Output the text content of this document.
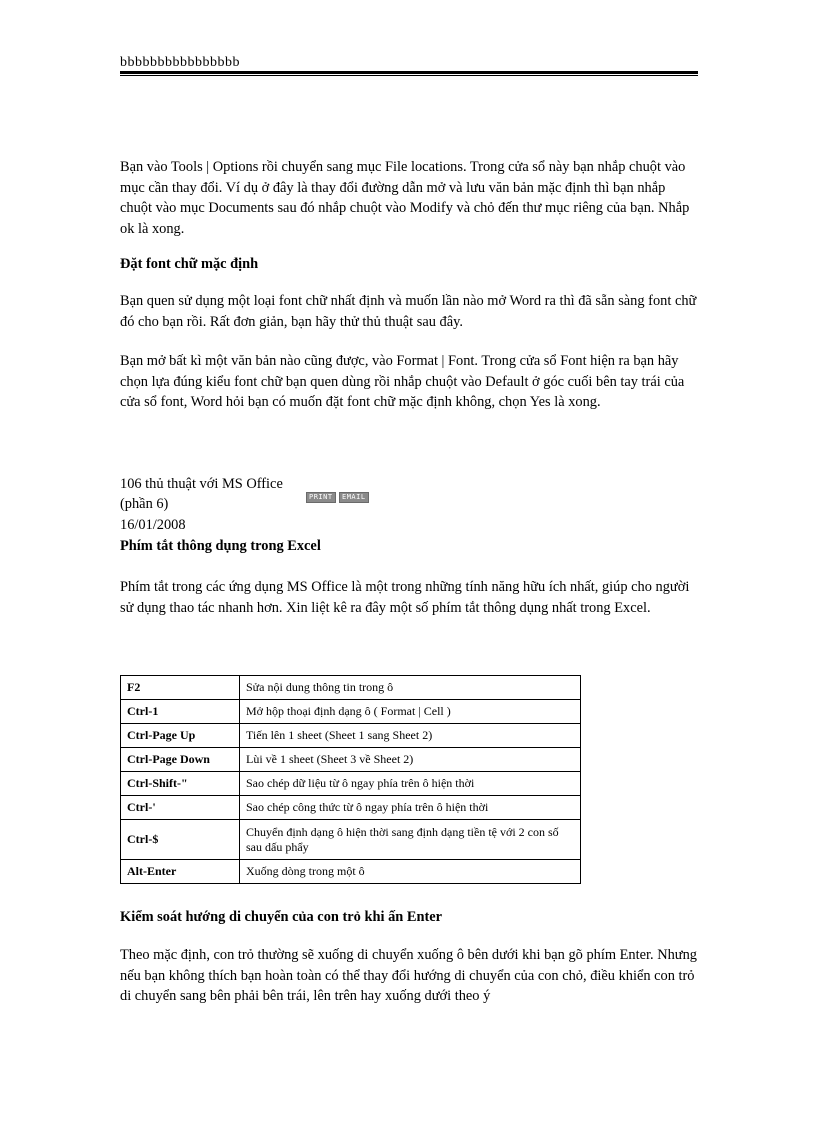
bbbbbbbbbbbbbbbb
Bạn vào Tools | Options rồi chuyển sang mục File locations. Trong cửa sổ này bạn nhắp chuột vào mục cần thay đổi. Ví dụ ở đây là thay đổi đường dẫn mở và lưu văn bản mặc định thì bạn nhắp chuột vào mục Documents sau đó nhắp chuột vào Modify và chỏ đến thư mục riêng của bạn. Nhắp ok là xong.
Đặt font chữ mặc định
Bạn quen sử dụng một loại font chữ nhất định và muốn lần nào mở Word ra thì đã sẵn sàng font chữ đó cho bạn rồi. Rất đơn giản, bạn hãy thử thủ thuật sau đây.
Bạn mở bất kì một văn bản nào cũng được, vào Format | Font. Trong cửa sổ Font hiện ra bạn hãy chọn lựa đúng kiểu font chữ bạn quen dùng rồi nhắp chuột vào Default ở góc cuối bên tay trái của cửa sổ font, Word hỏi bạn có muốn đặt font chữ mặc định không, chọn Yes là xong.
106 thủ thuật với MS Office
(phần 6)	PRINT	EMAIL
16/01/2008
Phím tắt thông dụng trong Excel
Phím tắt trong các ứng dụng MS Office là một trong những tính năng hữu ích nhất, giúp cho người sử dụng thao tác nhanh hơn. Xin liệt kê ra đây một số phím tắt thông dụng nhất trong Excel.
F2	Sửa nội dung thông tin trong ô
Ctrl-1	Mở hộp thoại định dạng ô ( Format | Cell )
Ctrl-Page Up	Tiến lên 1 sheet (Sheet 1 sang Sheet 2)
Ctrl-Page Down	Lùi về 1 sheet (Sheet 3 về Sheet 2)
Ctrl-Shift-"	Sao chép dữ liệu từ ô ngay phía trên ô hiện thời
Ctrl-'	Sao chép công thức từ ô ngay phía trên ô hiện thời
Ctrl-$	Chuyển định dạng ô hiện thời sang định dạng tiền tệ với 2 con số sau dấu phẩy
Alt-Enter	Xuống dòng trong một ô
Kiểm soát hướng di chuyển của con trỏ khi ấn Enter
Theo mặc định, con trỏ thường sẽ xuống di chuyển xuống ô bên dưới khi bạn gõ phím Enter. Nhưng nếu bạn không thích bạn hoàn toàn có thể thay đổi hướng di chuyển của con chỏ, điều khiển con trỏ di chuyển sang bên phải bên trái, lên trên hay xuống dưới theo ý
